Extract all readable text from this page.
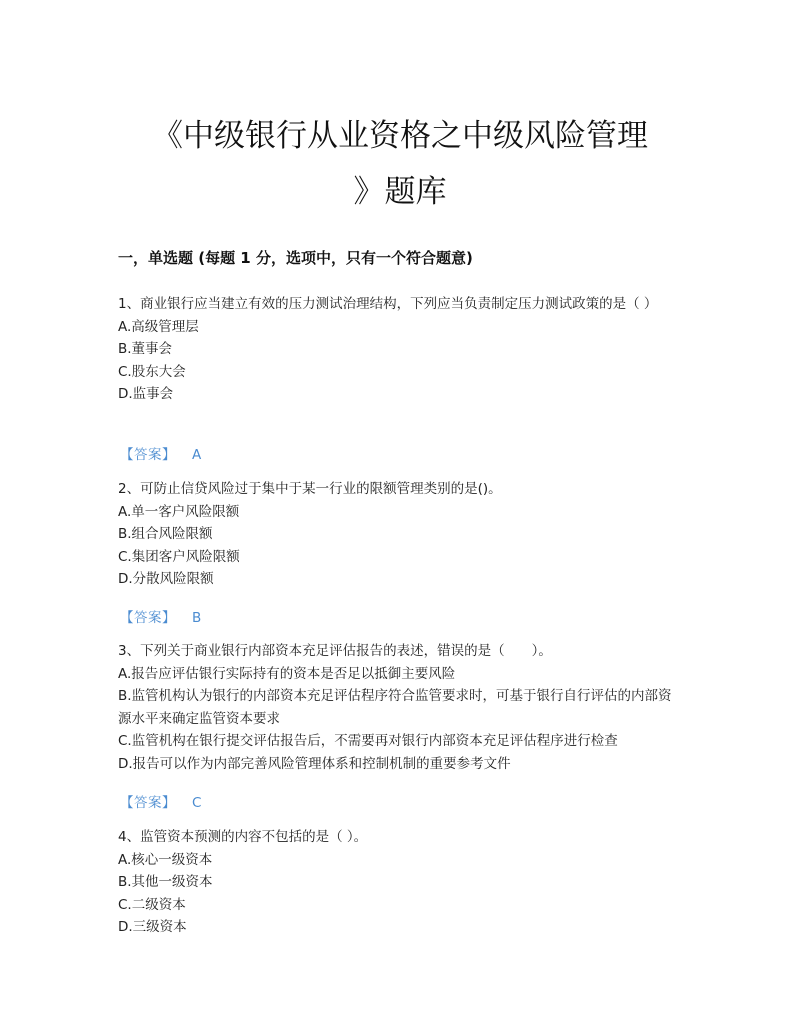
《中级银行从业资格之中级风险管理
》题库
一，单选题 (每题 1 分，选项中，只有一个符合题意)
1、商业银行应当建立有效的压力测试治理结构，下列应当负责制定压力测试政策的是（ ）
A.高级管理层
B.董事会
C.股东大会
D.监事会
【答案】 A
2、可防止信贷风险过于集中于某一行业的限额管理类别的是()。
A.单一客户风险限额
B.组合风险限额
C.集团客户风险限额
D.分散风险限额
【答案】 B
3、下列关于商业银行内部资本充足评估报告的表述，错误的是（　　）。
A.报告应评估银行实际持有的资本是否足以抵御主要风险
B.监管机构认为银行的内部资本充足评估程序符合监管要求时，可基于银行自行评估的内部资源水平来确定监管资本要求
C.监管机构在银行提交评估报告后，不需要再对银行内部资本充足评估程序进行检查
D.报告可以作为内部完善风险管理体系和控制机制的重要参考文件
【答案】 C
4、监管资本预测的内容不包括的是（ ）。
A.核心一级资本
B.其他一级资本
C.二级资本
D.三级资本
